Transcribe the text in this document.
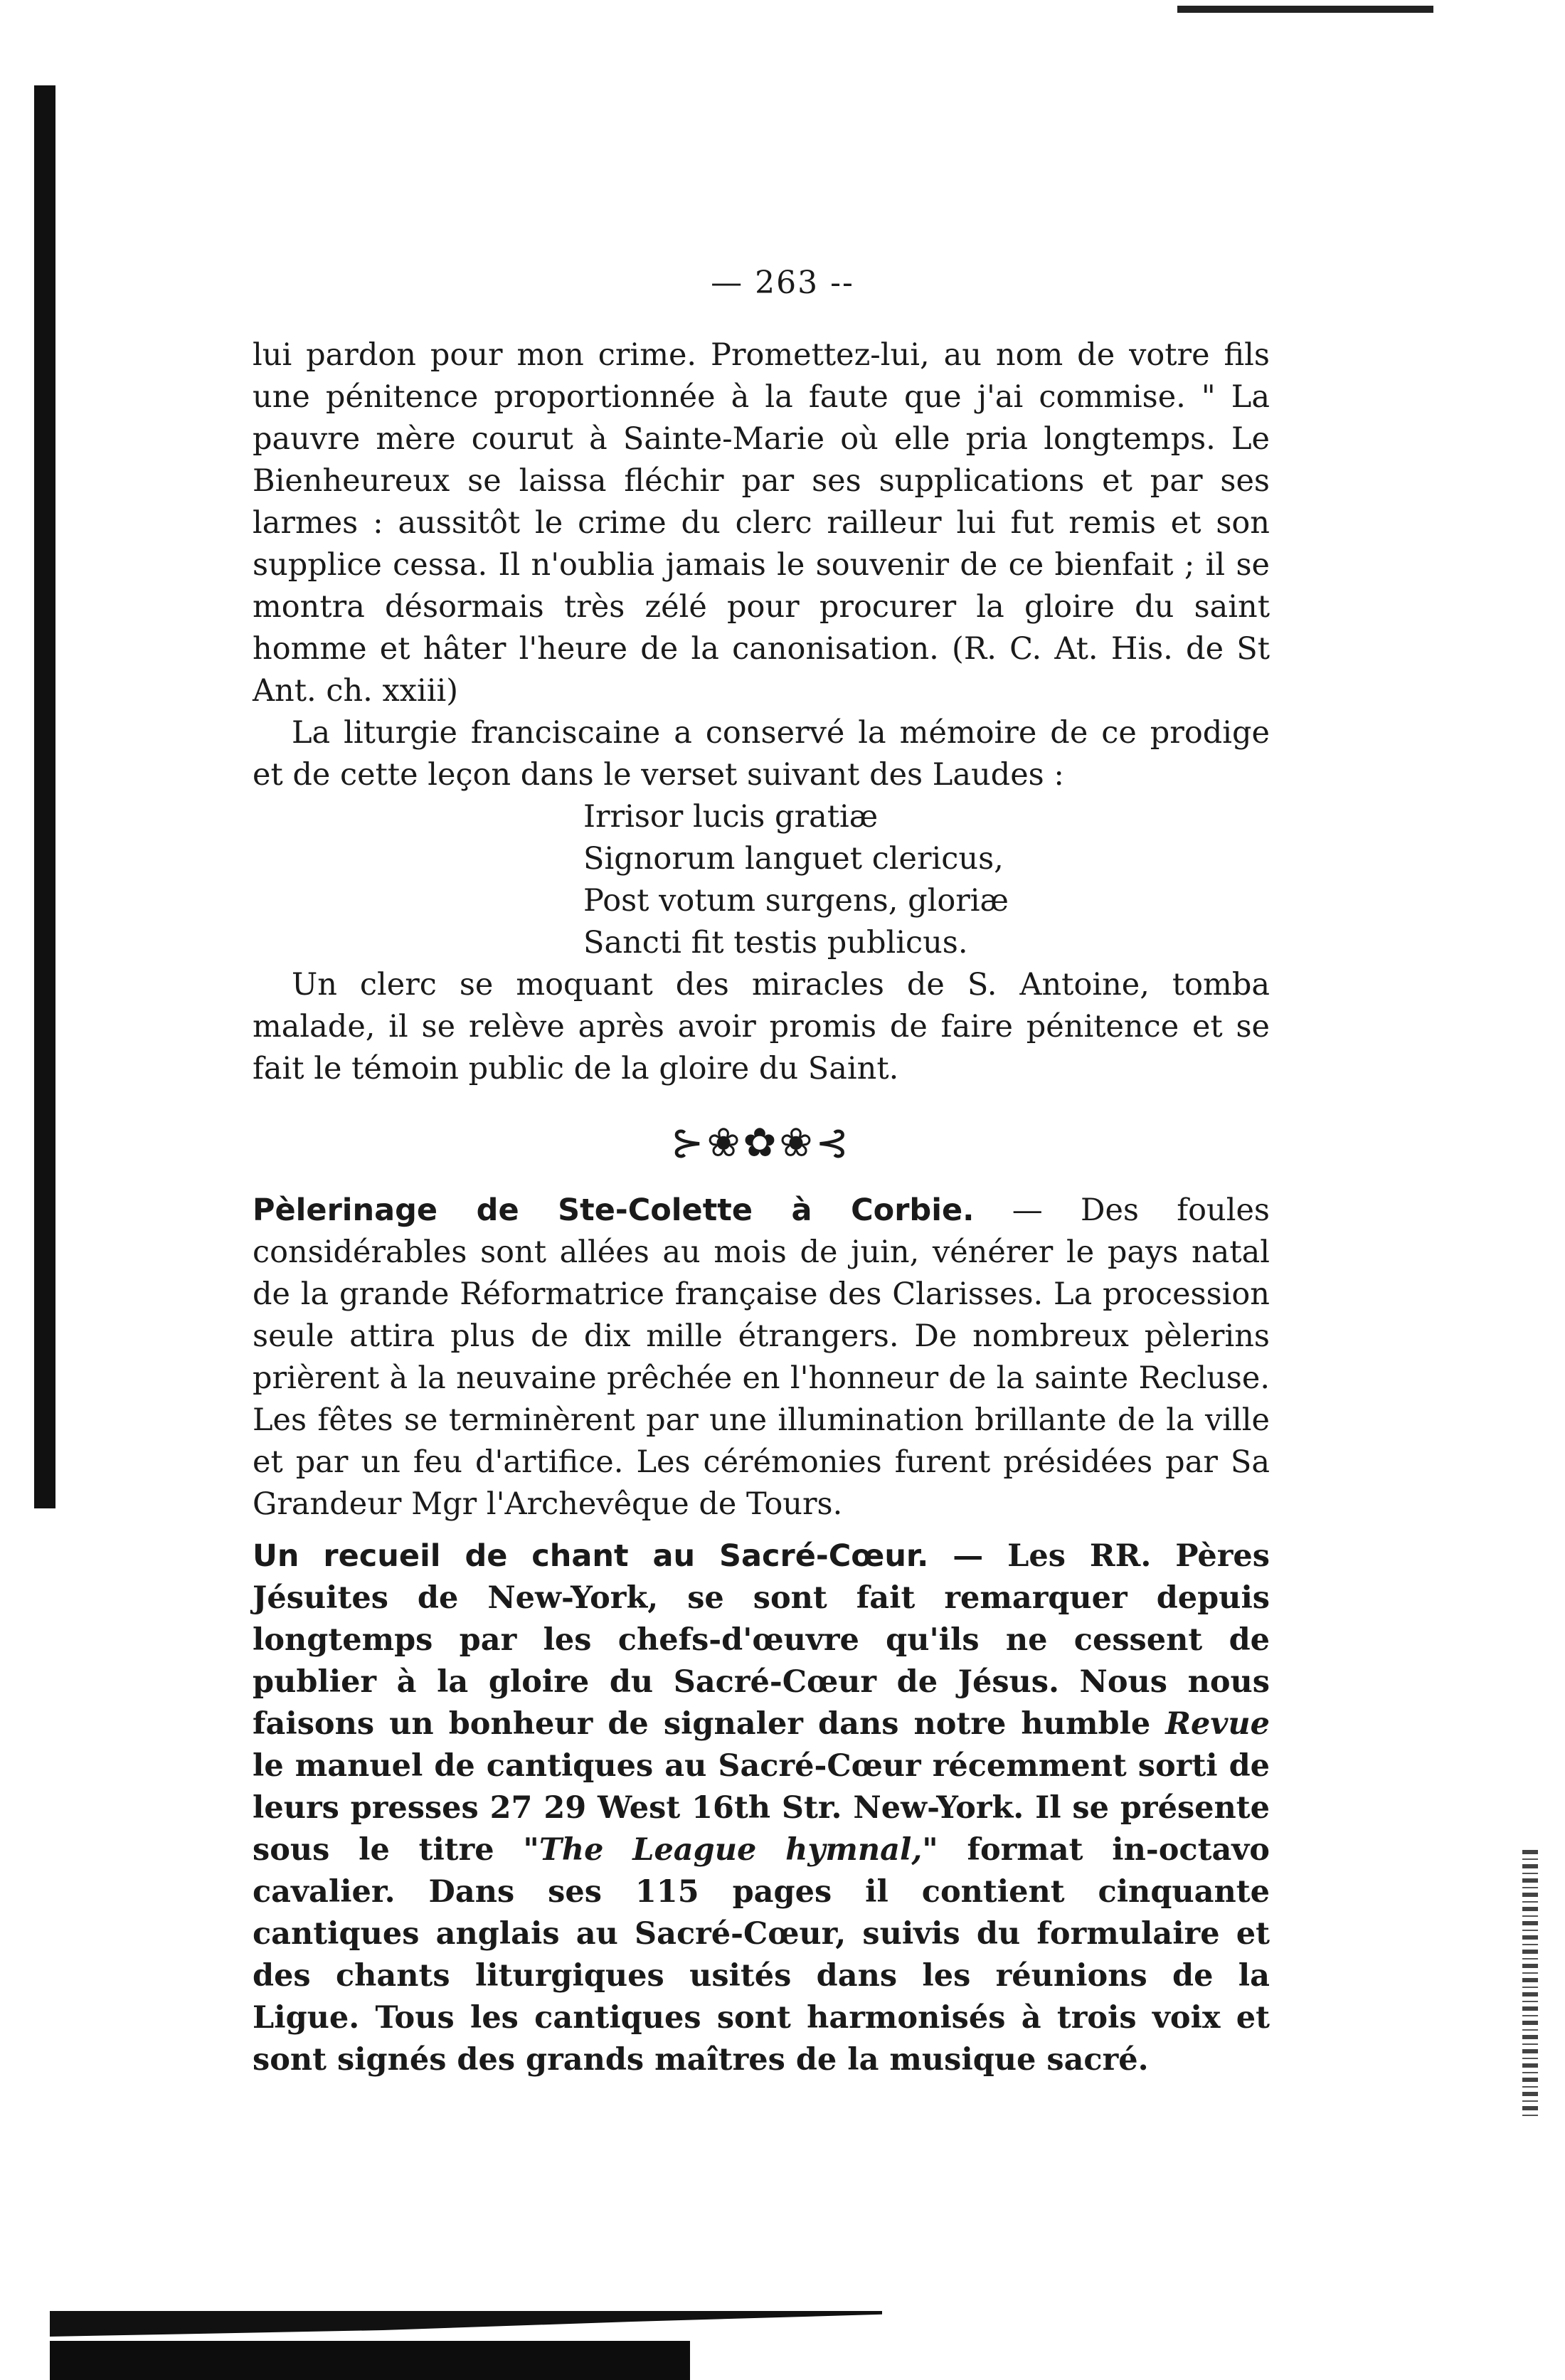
— 263 --

lui pardon pour mon crime. Promettez-lui, au nom de votre fils une pénitence proportionnée à la faute que j'ai commise. " La pauvre mère courut à Sainte-Marie où elle pria longtemps. Le Bienheureux se laissa fléchir par ses supplications et par ses larmes : aussitôt le crime du clerc railleur lui fut remis et son supplice cessa. Il n'oublia jamais le souvenir de ce bienfait ; il se montra désormais très zélé pour procurer la gloire du saint homme et hâter l'heure de la canonisation. (R. C. At. His. de St Ant. ch. xxiii)

La liturgie franciscaine a conservé la mémoire de ce prodige et de cette leçon dans le verset suivant des Laudes :

Irrisor lucis gratiæ

Signorum languet clericus,

Post votum surgens, gloriæ

Sancti fit testis publicus.

Un clerc se moquant des miracles de S. Antoine, tomba malade, il se relève après avoir promis de faire pénitence et se fait le témoin public de la gloire du Saint.

⊱❀✿❀⊰

Pèlerinage de Ste-Colette à Corbie. — Des foules considérables sont allées au mois de juin, vénérer le pays natal de la grande Réformatrice française des Clarisses. La procession seule attira plus de dix mille étrangers. De nombreux pèlerins prièrent à la neuvaine prêchée en l'honneur de la sainte Recluse. Les fêtes se terminèrent par une illumination brillante de la ville et par un feu d'artifice. Les cérémonies furent présidées par Sa Grandeur Mgr l'Archevêque de Tours.

Un recueil de chant au Sacré-Cœur. — Les RR. Pères Jésuites de New-York, se sont fait remarquer depuis longtemps par les chefs-d'œuvre qu'ils ne cessent de publier à la gloire du Sacré-Cœur de Jésus. Nous nous faisons un bonheur de signaler dans notre humble Revue le manuel de cantiques au Sacré-Cœur récemment sorti de leurs presses 27 29 West 16th Str. New-York. Il se présente sous le titre "The League hymnal," format in-octavo cavalier. Dans ses 115 pages il contient cinquante cantiques anglais au Sacré-Cœur, suivis du formulaire et des chants liturgiques usités dans les réunions de la Ligue. Tous les cantiques sont harmonisés à trois voix et sont signés des grands maîtres de la musique sacré.
